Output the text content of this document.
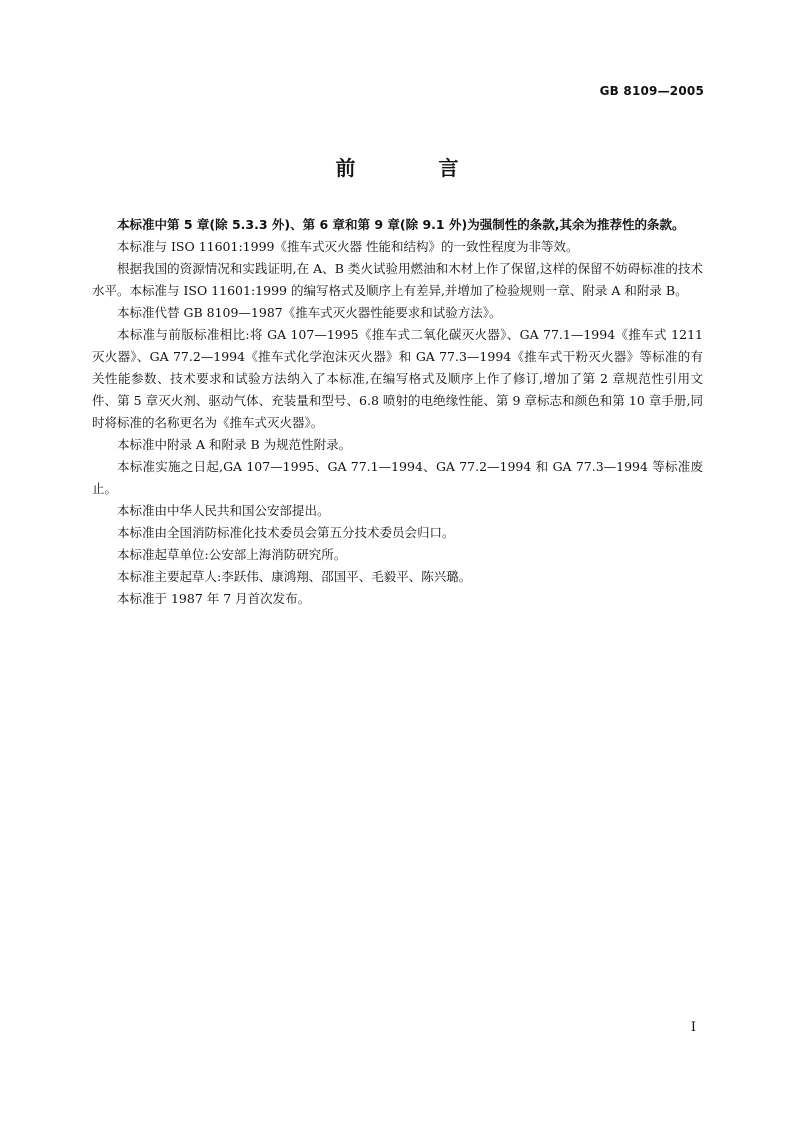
GB 8109—2005
前 言

本标准中第 5 章(除 5.3.3 外)、第 6 章和第 9 章(除 9.1 外)为强制性的条款,其余为推荐性的条款。

本标准与 ISO 11601:1999《推车式灭火器 性能和结构》的一致性程度为非等效。

根据我国的资源情况和实践证明,在 A、B 类火试验用燃油和木材上作了保留,这样的保留不妨碍标准的技术水平。本标准与 ISO 11601:1999 的编写格式及顺序上有差异,并增加了检验规则一章、附录 A 和附录 B。

本标准代替 GB 8109—1987《推车式灭火器性能要求和试验方法》。

本标准与前版标准相比:将 GA 107—1995《推车式二氧化碳灭火器》、GA 77.1—1994《推车式 1211 灭火器》、GA 77.2—1994《推车式化学泡沫灭火器》和 GA 77.3—1994《推车式干粉灭火器》等标准的有关性能参数、技术要求和试验方法纳入了本标准,在编写格式及顺序上作了修订,增加了第 2 章规范性引用文件、第 5 章灭火剂、驱动气体、充装量和型号、6.8 喷射的电绝缘性能、第 9 章标志和颜色和第 10 章手册,同时将标准的名称更名为《推车式灭火器》。

本标准中附录 A 和附录 B 为规范性附录。

本标准实施之日起,GA 107—1995、GA 77.1—1994、GA 77.2—1994 和 GA 77.3—1994 等标准废止。

本标准由中华人民共和国公安部提出。

本标准由全国消防标准化技术委员会第五分技术委员会归口。

本标准起草单位:公安部上海消防研究所。

本标准主要起草人:李跃伟、康鸿翔、邵国平、毛毅平、陈兴璐。

本标准于 1987 年 7 月首次发布。

I
